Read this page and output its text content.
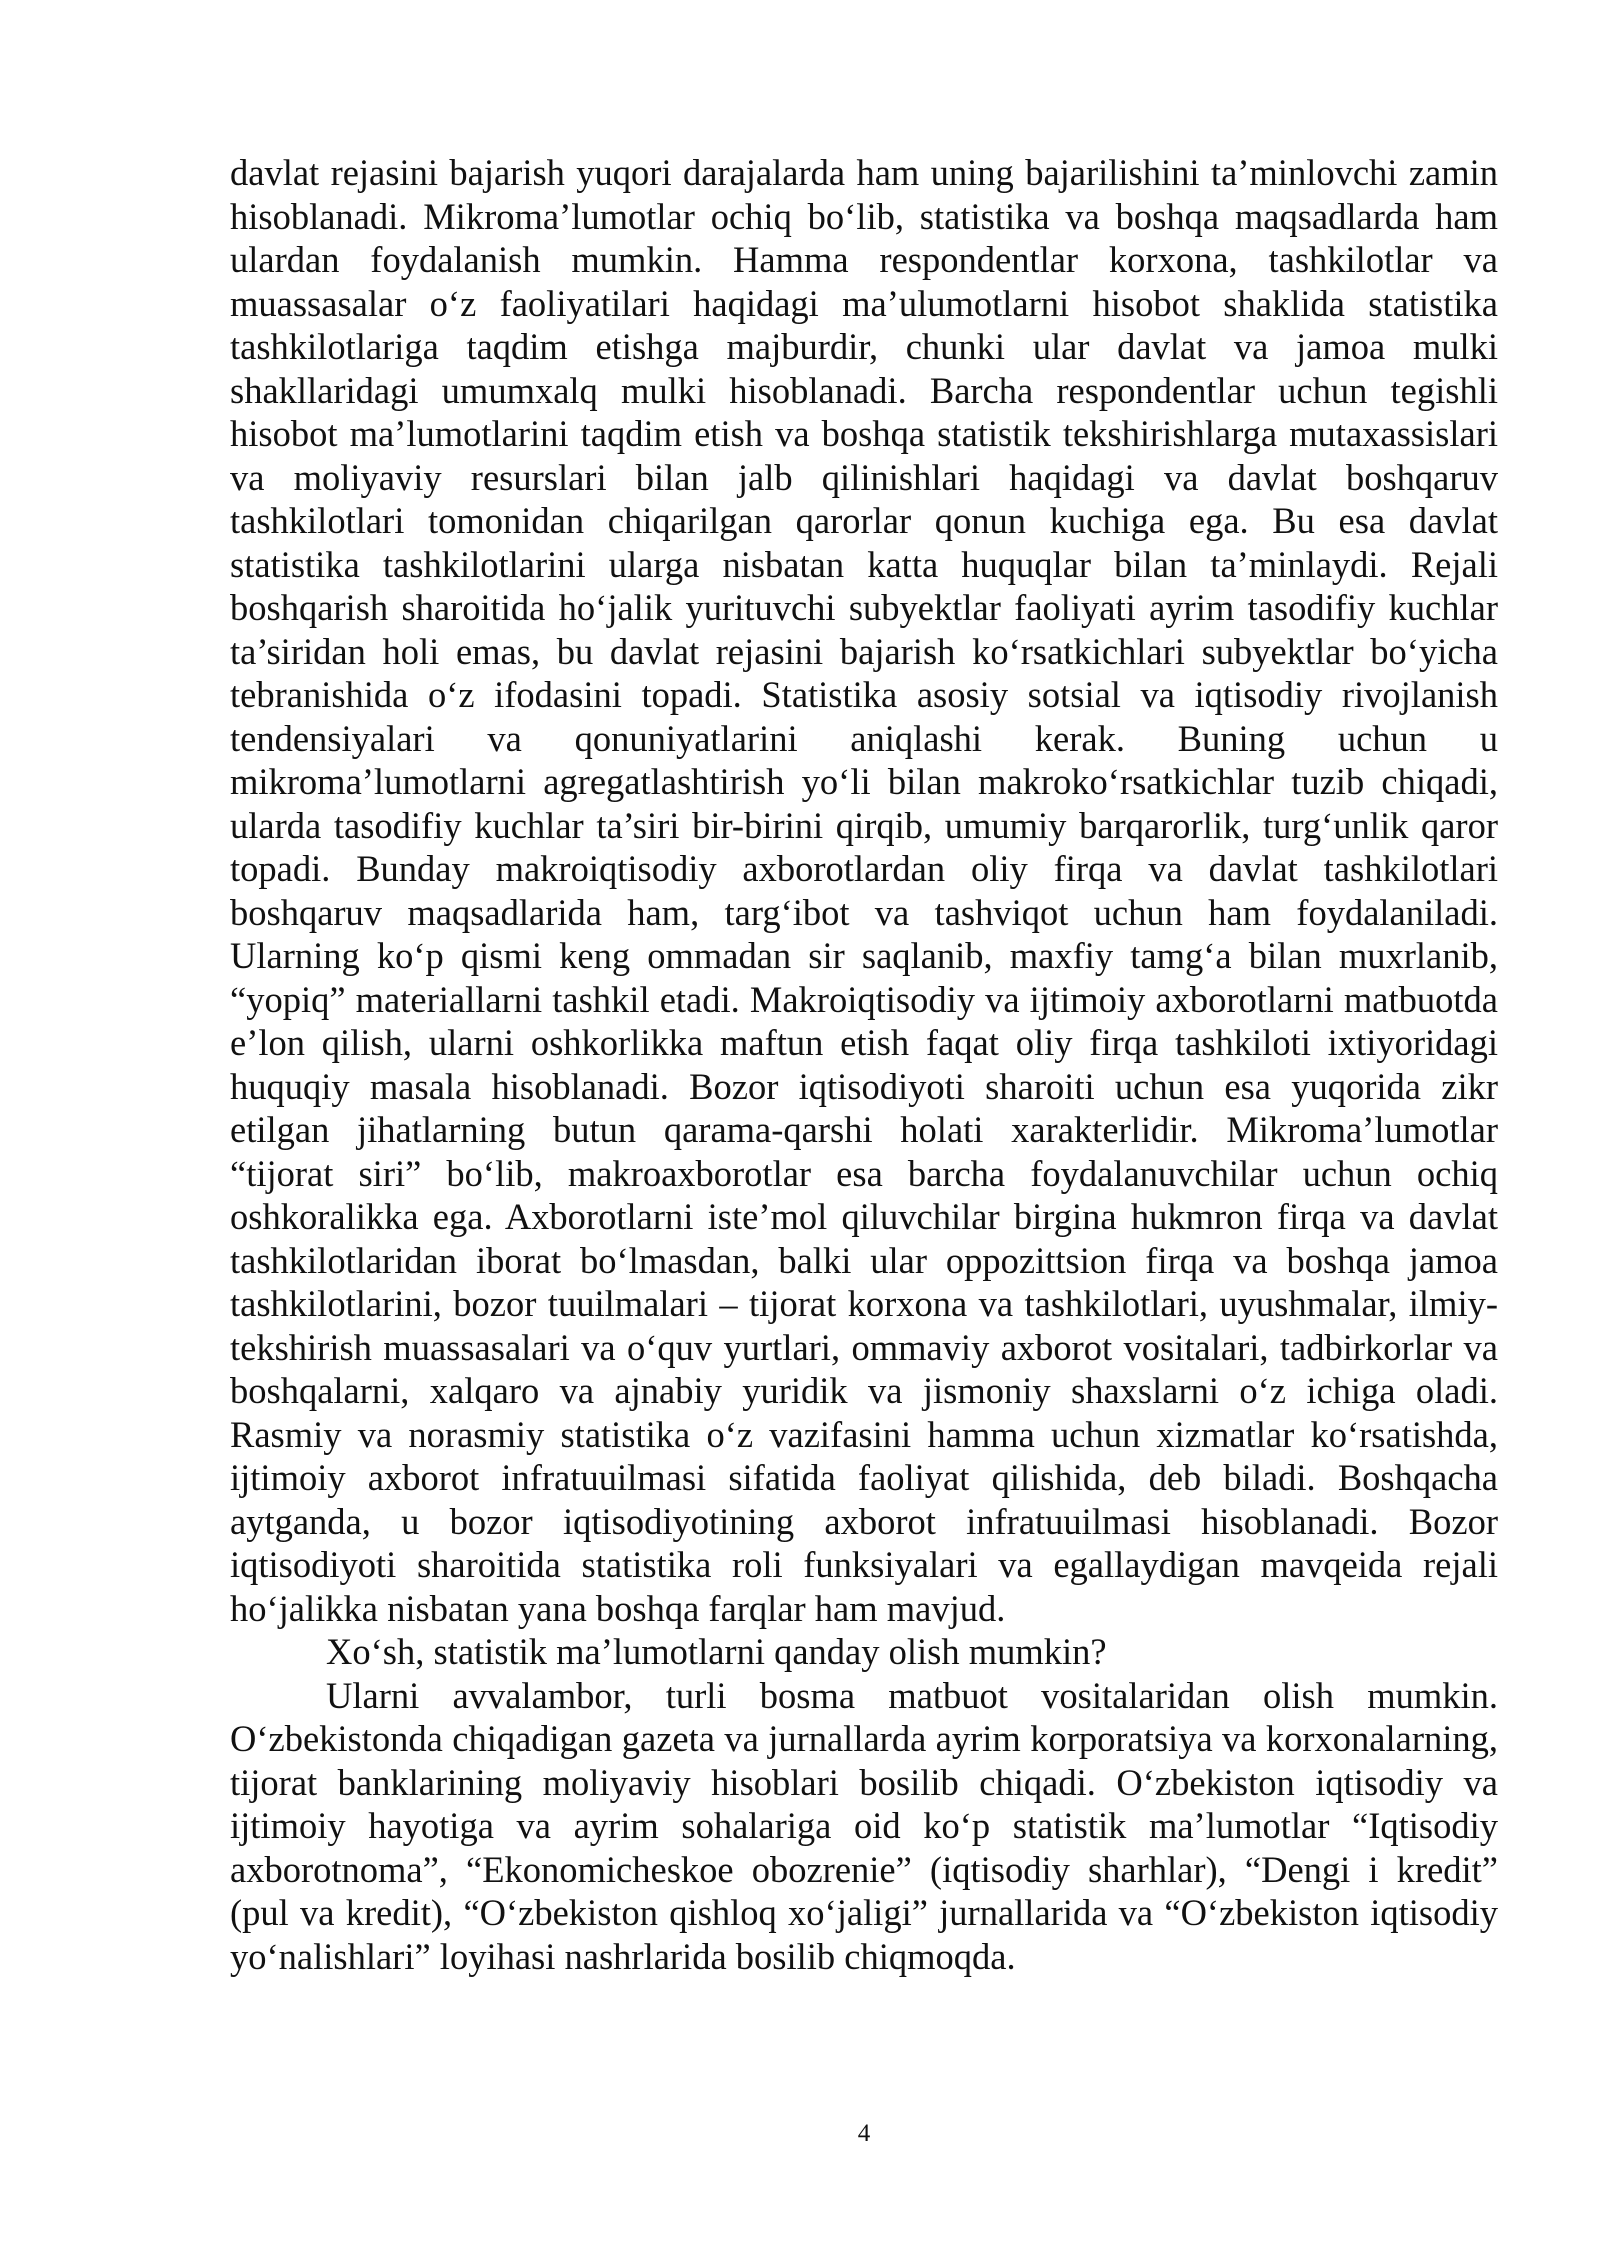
davlat rejasini bajarish yuqori darajalarda ham uning bajarilishini ta’minlovchi zamin hisoblanadi. Mikroma’lumotlar ochiq bo‘lib, statistika va boshqa maqsadlarda ham ulardan foydalanish mumkin. Hamma respondentlar korxona, tashkilotlar va muassasalar o‘z faoliyatilari haqidagi ma’ulumotlarni hisobot shaklida statistika tashkilotlariga taqdim etishga majburdir, chunki ular davlat va jamoa mulki shakllaridagi umumxalq mulki hisoblanadi. Barcha respondentlar uchun tegishli hisobot ma’lumotlarini taqdim etish va boshqa statistik tekshirishlarga mutaxassislari va moliyaviy resurslari bilan jalb qilinishlari haqidagi va davlat boshqaruv tashkilotlari tomonidan chiqarilgan qarorlar qonun kuchiga ega. Bu esa davlat statistika tashkilotlarini ularga nisbatan katta huquqlar bilan ta’minlaydi. Rejali boshqarish sharoitida ho‘jalik yurituvchi subyektlar faoliyati ayrim tasodifiy kuchlar ta’siridan holi emas, bu davlat rejasini bajarish ko‘rsatkichlari subyektlar bo‘yicha tebranishida o‘z ifodasini topadi. Statistika asosiy sotsial va iqtisodiy rivojlanish tendensiyalari va qonuniyatlarini aniqlashi kerak. Buning uchun u mikroma’lumotlarni agregatlashtirish yo‘li bilan makroko‘rsatkichlar tuzib chiqadi, ularda tasodifiy kuchlar ta’siri bir-birini qirqib, umumiy barqarorlik, turg‘unlik qaror topadi. Bunday makroiqtisodiy axborotlardan oliy firqa va davlat tashkilotlari boshqaruv maqsadlarida ham, targ‘ibot va tashviqot uchun ham foydalaniladi. Ularning ko‘p qismi keng ommadan sir saqlanib, maxfiy tamg‘a bilan muxrlanib, “yopiq” materiallarni tashkil etadi. Makroiqtisodiy va ijtimoiy axborotlarni matbuotda e’lon qilish, ularni oshkorlikka maftun etish faqat oliy firqa tashkiloti ixtiyoridagi huquqiy masala hisoblanadi. Bozor iqtisodiyoti sharoiti uchun esa yuqorida zikr etilgan jihatlarning butun qarama-qarshi holati xarakterlidir. Mikroma’lumotlar “tijorat siri” bo‘lib, makroaxborotlar esa barcha foydalanuvchilar uchun ochiq oshkoralikka ega. Axborotlarni iste’mol qiluvchilar birgina hukmron firqa va davlat tashkilotlaridan iborat bo‘lmasdan, balki ular oppozittsion firqa va boshqa jamoa tashkilotlarini, bozor tuuilmalari – tijorat korxona va tashkilotlari, uyushmalar, ilmiy-tekshirish muassasalari va o‘quv yurtlari, ommaviy axborot vositalari, tadbirkorlar va boshqalarni, xalqaro va ajnabiy yuridik va jismoniy shaxslarni o‘z ichiga oladi. Rasmiy va norasmiy statistika o‘z vazifasini hamma uchun xizmatlar ko‘rsatishda, ijtimoiy axborot infratuuilmasi sifatida faoliyat qilishida, deb biladi. Boshqacha aytganda, u bozor iqtisodiyotining axborot infratuuilmasi hisoblanadi. Bozor iqtisodiyoti sharoitida statistika roli funksiyalari va egallaydigan mavqeida rejali ho‘jalikka nisbatan yana boshqa farqlar ham mavjud.

Xo‘sh, statistik ma’lumotlarni qanday olish mumkin?

Ularni avvalambor, turli bosma matbuot vositalaridan olish mumkin. O‘zbekistonda chiqadigan gazeta va jurnallarda ayrim korporatsiya va korxonalarning, tijorat banklarining moliyaviy hisoblari bosilib chiqadi. O‘zbekiston iqtisodiy va ijtimoiy hayotiga va ayrim sohalariga oid ko‘p statistik ma’lumotlar “Iqtisodiy axborotnoma”, “Ekonomicheskoe obozrenie” (iqtisodiy sharhlar), “Dengi i kredit” (pul va kredit), “O‘zbekiston qishloq xo‘jaligi” jurnallarida va “O‘zbekiston iqtisodiy yo‘nalishlari” loyihasi nashrlarida bosilib chiqmoqda.

4
